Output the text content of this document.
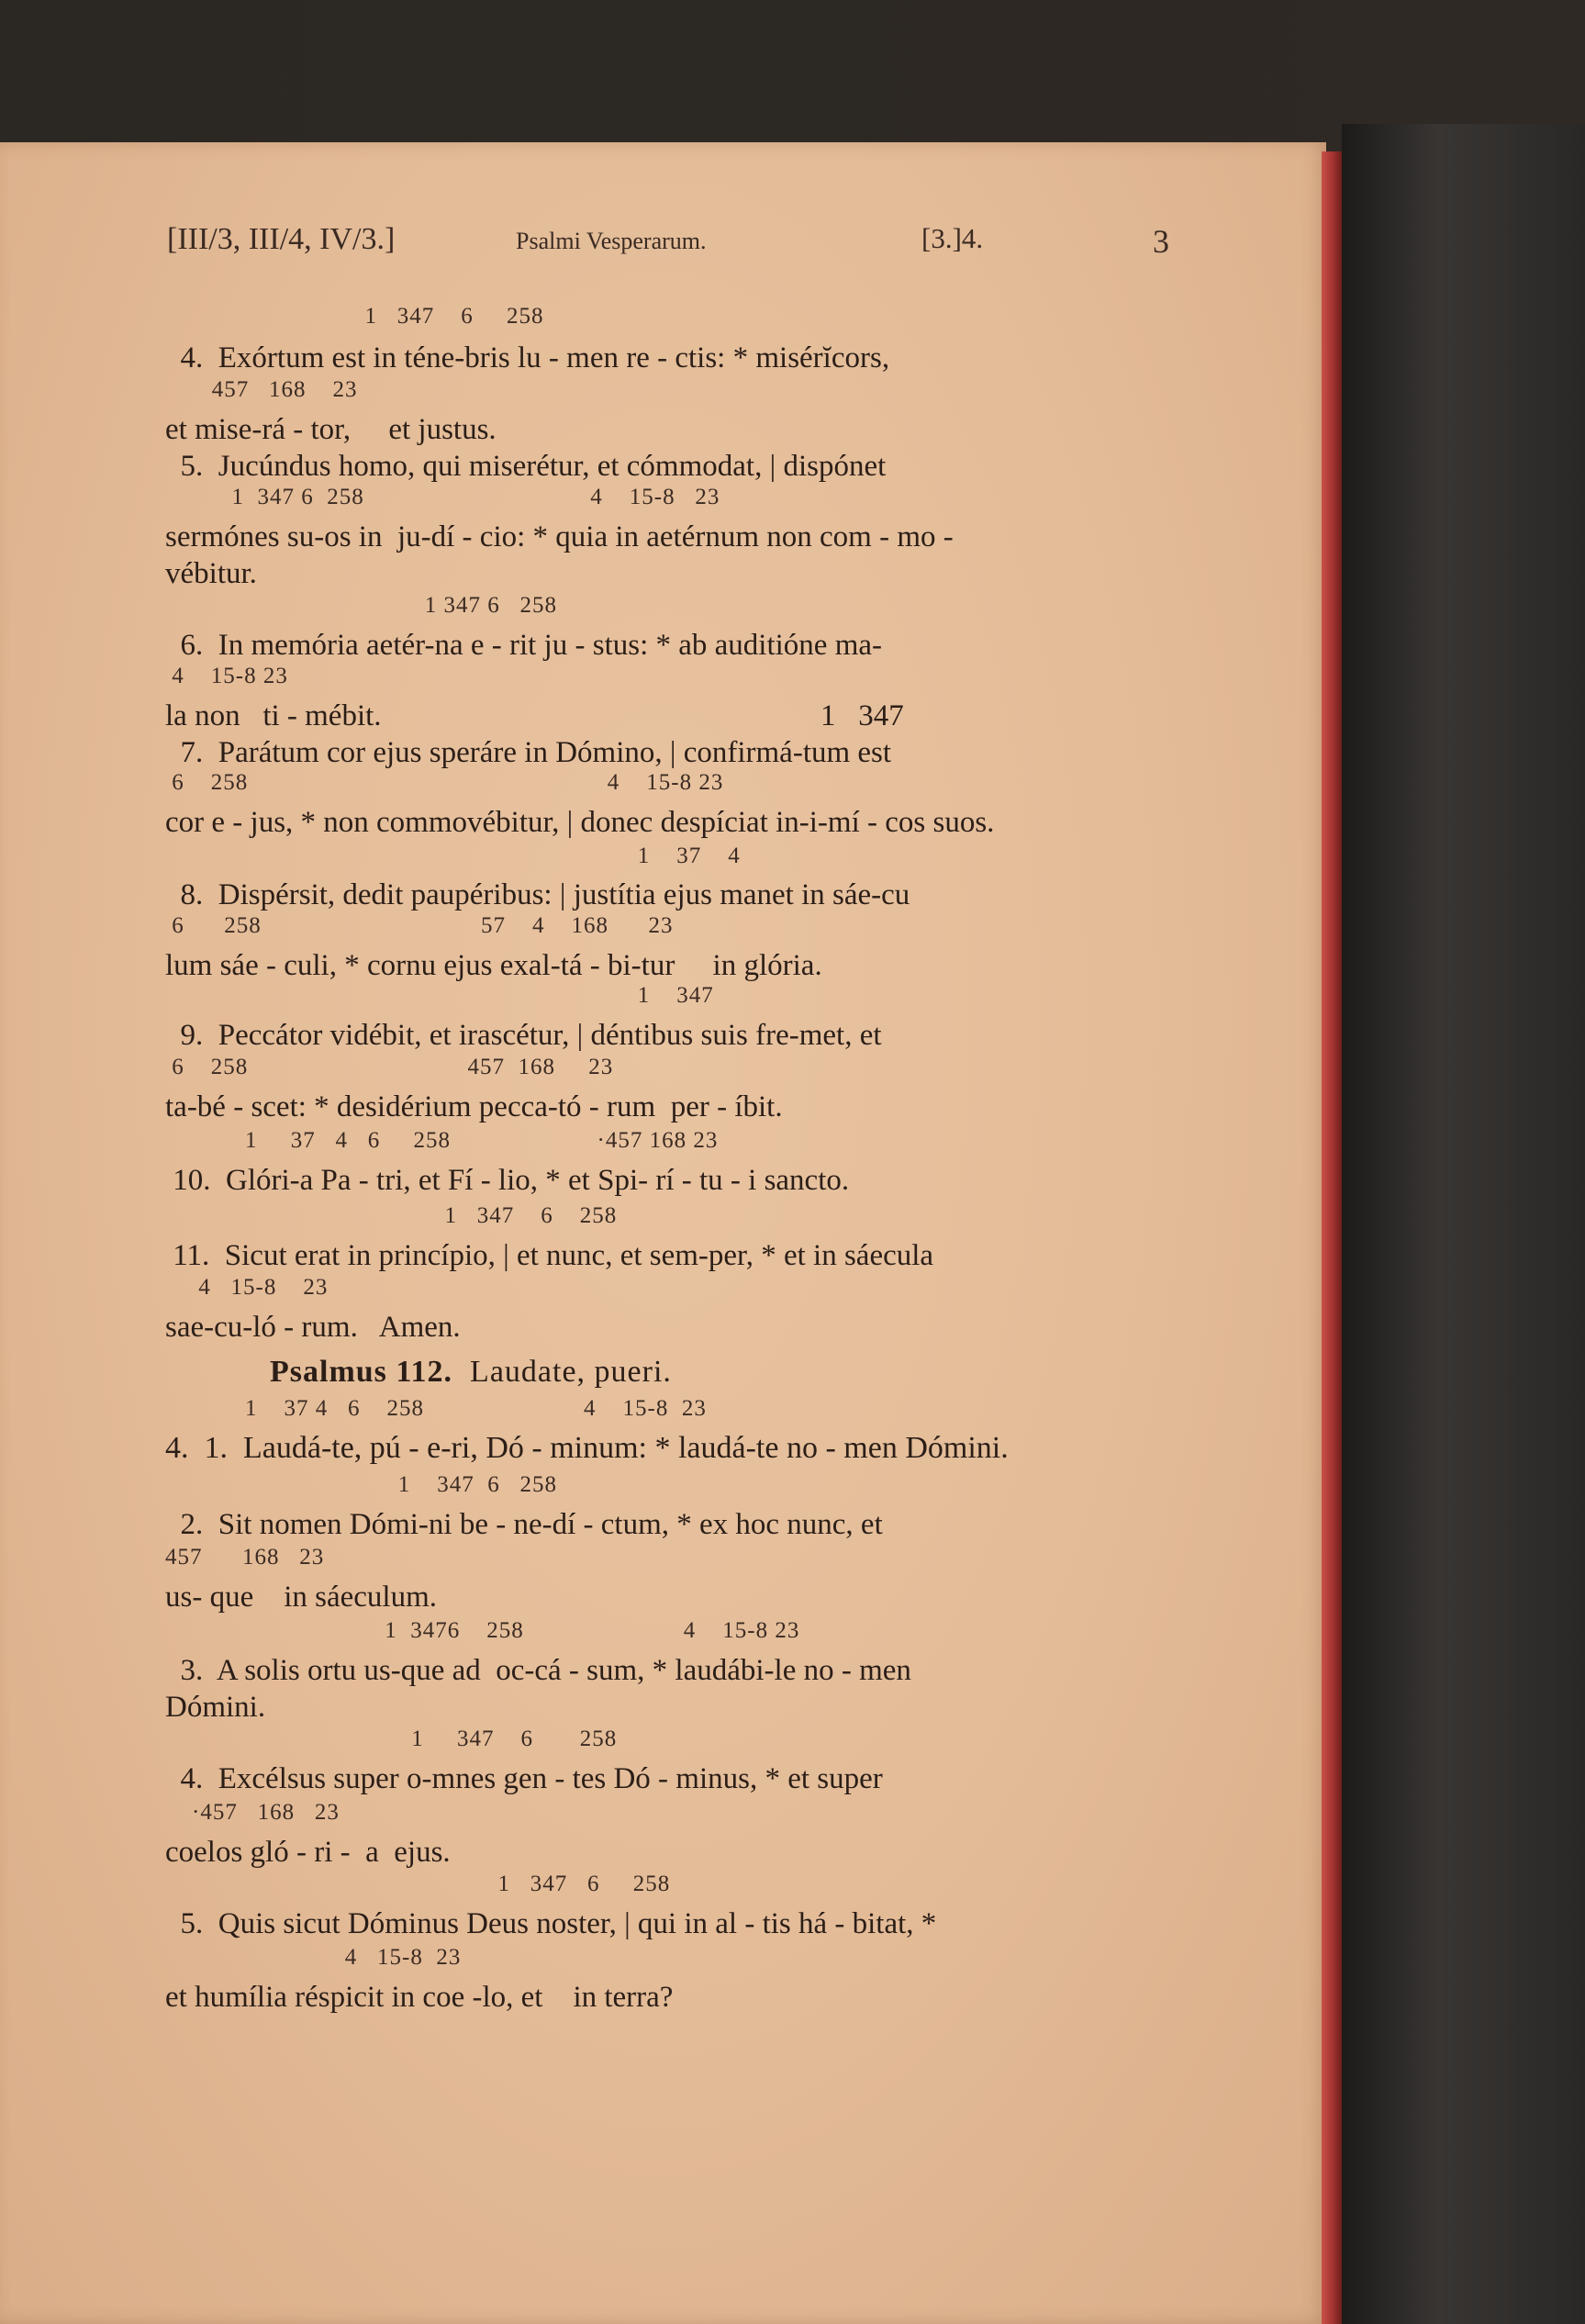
[III/3, III/4, IV/3.]	Psalmi Vesperarum.	[3.]4.	3
1   347    6     258
4.  Exórtum est in téne-bris lu - men re - ctis: * misérĭcors,
457   168    23
et mise-rá - tor,     et justus.
5.  Jucúndus homo, qui miserétur, et cómmodat, | dispónet
1  347 6  258                                  4    15-8   23
sermónes su-os in  ju-dí - cio: * quia in aetérnum non com - mo -
vébitur.
1 347 6   258
6.  In memória aetér-na e - rit ju - stus: * ab auditióne ma-
4    15-8 23
la non   ti - mébit.                                                          1   347
7.  Parátum cor ejus speráre in Dómino, | confirmá-tum est
6    258                                                      4    15-8 23
cor e - jus, * non commovébitur, | donec despíciat in-i-mí - cos suos.
1    37    4
8.  Dispérsit, dedit paupéribus: | justítia ejus manet in sáe-cu
6      258                                 57    4    168      23
lum sáe - culi, * cornu ejus exal-tá - bi-tur     in glória.
1    347
9.  Peccátor vidébit, et irascétur, | déntibus suis fre-met, et
6    258                                 457  168     23
ta-bé - scet: * desidérium pecca-tó - rum  per - íbit.
1     37   4   6     258                      ·457 168 23
10.  Glóri-a Pa - tri, et Fí - lio, * et Spi- rí - tu - i sancto.
1   347    6    258
11.  Sicut erat in princípio, | et nunc, et sem-per, * et in sáecula
4   15-8    23
sae-cu-ló - rum.   Amen.
Psalmus 112.  Laudate, pueri.
1    37 4   6    258                        4    15-8  23
4.  1.  Laudá-te, pú - e-ri, Dó - minum: * laudá-te no - men Dómini.
1    347  6   258
2.  Sit nomen Dómi-ni be - ne-dí - ctum, * ex hoc nunc, et
457      168   23
us- que    in sáeculum.
1  3476    258                        4    15-8 23
3.  A solis ortu us-que ad  oc-cá - sum, * laudábi-le no - men
Dómini.
1     347    6       258
4.  Excélsus super o-mnes gen - tes Dó - minus, * et super
·457   168   23
coelos gló - ri -  a  ejus.
1   347   6     258
5.  Quis sicut Dóminus Deus noster, | qui in al - tis há - bitat, *
4   15-8  23
et humília réspicit in coe -lo, et    in terra?
